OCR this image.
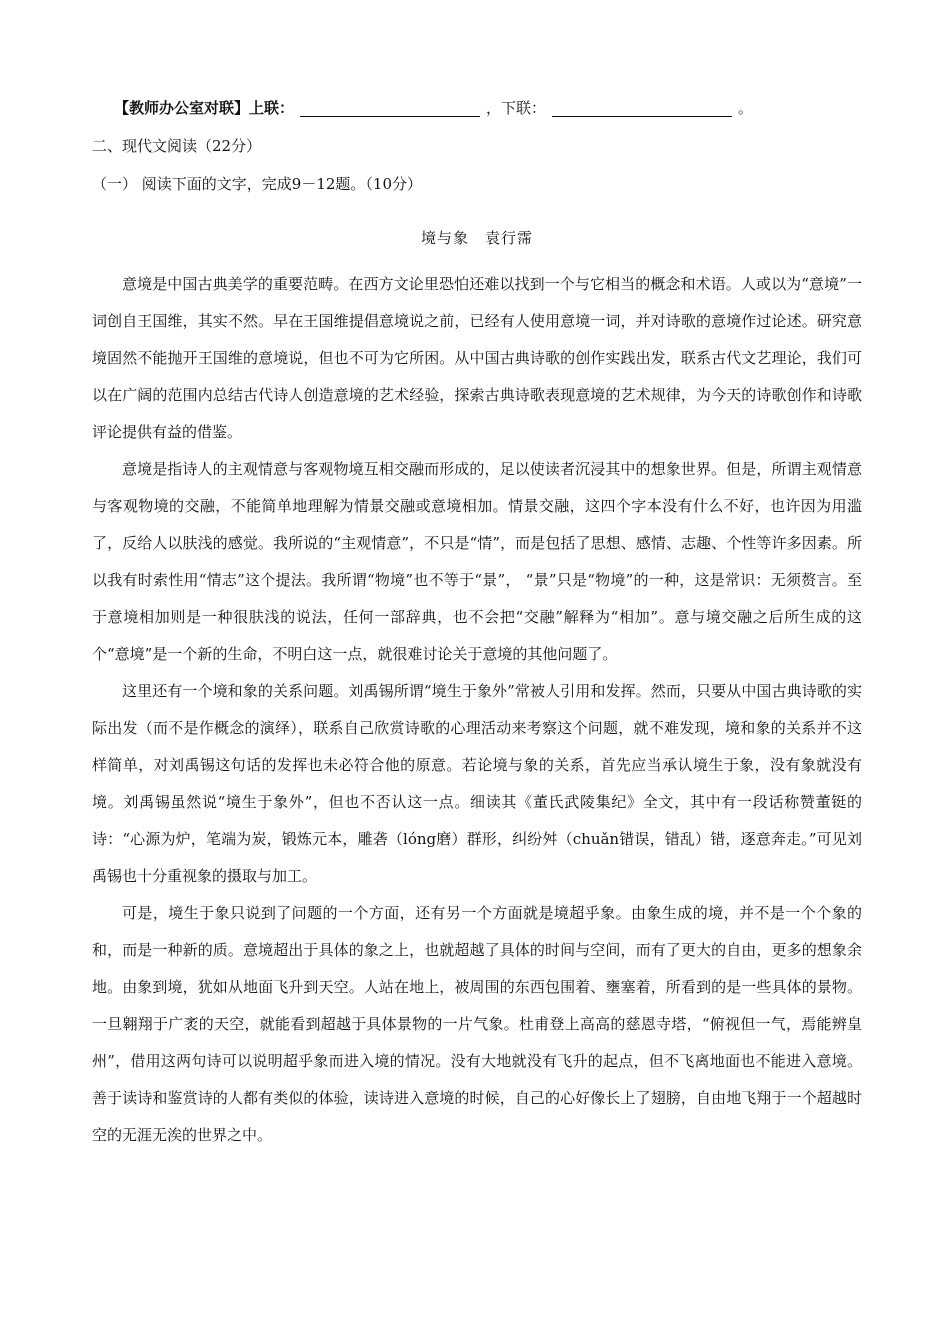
【教师办公室对联】上联：	，下联：	。
二、现代文阅读（22分）
（一） 阅读下面的文字，完成9－12题。（10分）
境与象　袁行霈

意境是中国古典美学的重要范畴。在西方文论里恐怕还难以找到一个与它相当的概念和术语。人或以为“意境”一词创自王国维，其实不然。早在王国维提倡意境说之前，已经有人使用意境一词，并对诗歌的意境作过论述。研究意境固然不能抛开王国维的意境说，但也不可为它所困。从中国古典诗歌的创作实践出发，联系古代文艺理论，我们可以在广阔的范围内总结古代诗人创造意境的艺术经验，探索古典诗歌表现意境的艺术规律，为今天的诗歌创作和诗歌评论提供有益的借鉴。

意境是指诗人的主观情意与客观物境互相交融而形成的，足以使读者沉浸其中的想象世界。但是，所谓主观情意与客观物境的交融，不能简单地理解为情景交融或意境相加。情景交融，这四个字本没有什么不好，也许因为用滥了，反给人以肤浅的感觉。我所说的“主观情意”，不只是“情”，而是包括了思想、感情、志趣、个性等许多因素。所以我有时索性用“情志”这个提法。我所谓“物境”也不等于“景”， “景”只是“物境”的一种，这是常识：无须赘言。至于意境相加则是一种很肤浅的说法，任何一部辞典，也不会把“交融”解释为“相加”。意与境交融之后所生成的这个“意境”是一个新的生命，不明白这一点，就很难讨论关于意境的其他问题了。

这里还有一个境和象的关系问题。刘禹锡所谓“境生于象外”常被人引用和发挥。然而，只要从中国古典诗歌的实际出发（而不是作概念的演绎），联系自己欣赏诗歌的心理活动来考察这个问题，就不难发现，境和象的关系并不这样简单，对刘禹锡这句话的发挥也未必符合他的原意。若论境与象的关系，首先应当承认境生于象，没有象就没有境。刘禹锡虽然说“境生于象外”，但也不否认这一点。细读其《董氏武陵集纪》全文，其中有一段话称赞董铤的诗：“心源为炉，笔端为炭，锻炼元本，雕砻（lóng磨）群形，纠纷舛（chuǎn错误，错乱）错，逐意奔走。”可见刘禹锡也十分重视象的摄取与加工。

可是，境生于象只说到了问题的一个方面，还有另一个方面就是境超乎象。由象生成的境，并不是一个个象的和，而是一种新的质。意境超出于具体的象之上，也就超越了具体的时间与空间，而有了更大的自由，更多的想象余地。由象到境，犹如从地面飞升到天空。人站在地上，被周围的东西包围着、壅塞着，所看到的是一些具体的景物。一旦翱翔于广袤的天空，就能看到超越于具体景物的一片气象。杜甫登上高高的慈恩寺塔，“俯视但一气，焉能辨皇州”，借用这两句诗可以说明超乎象而进入境的情况。没有大地就没有飞升的起点，但不飞离地面也不能进入意境。善于读诗和鉴赏诗的人都有类似的体验，读诗进入意境的时候，自己的心好像长上了翅膀，自由地飞翔于一个超越时空的无涯无涘的世界之中。
